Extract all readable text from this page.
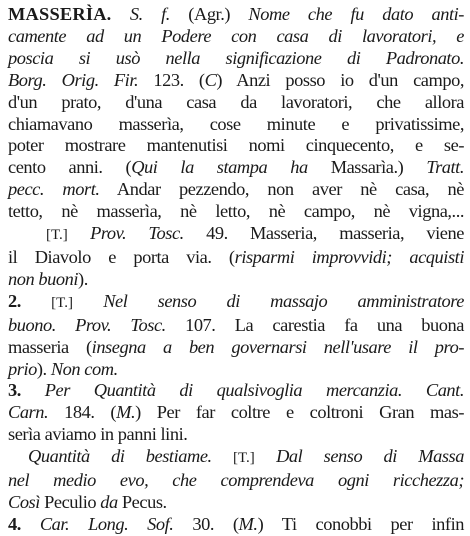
MASSERÌA. S. f. (Agr.) Nome che fu dato anti-
camente ad un Podere con casa di lavoratori, e
poscia si usò nella significazione di Padronato.
Borg. Orig. Fir. 123. (C) Anzi posso io d'un campo,
d'un prato, d'una casa da lavoratori, che allora
chiamavano masserìa, cose minute e privatissime,
poter mostrare mantenutisi nomi cinquecento, e se-
cento anni. (Qui la stampa ha Massarìa.) Tratt.
pecc. mort. Andar pezzendo, non aver nè casa, nè
tetto, nè masserìa, nè letto, nè campo, nè vigna,...
[T.] Prov. Tosc. 49. Masseria, masseria, viene
il Diavolo e porta via. (risparmi improvvidi; acquisti
non buoni).
2. [T.] Nel senso di massajo amministratore
buono. Prov. Tosc. 107. La carestia fa una buona
masseria (insegna a ben governarsi nell'usare il pro-
prio). Non com.
3. Per Quantità di qualsivoglia mercanzia. Cant.
Carn. 184. (M.) Per far coltre e coltroni Gran mas-
serìa aviamo in panni lini.
Quantità di bestiame. [T.] Dal senso di Massa
nel medio evo, che comprendeva ogni ricchezza;
Così Peculio da Pecus.
4. Car. Long. Sof. 30. (M.) Ti conobbi per infin
